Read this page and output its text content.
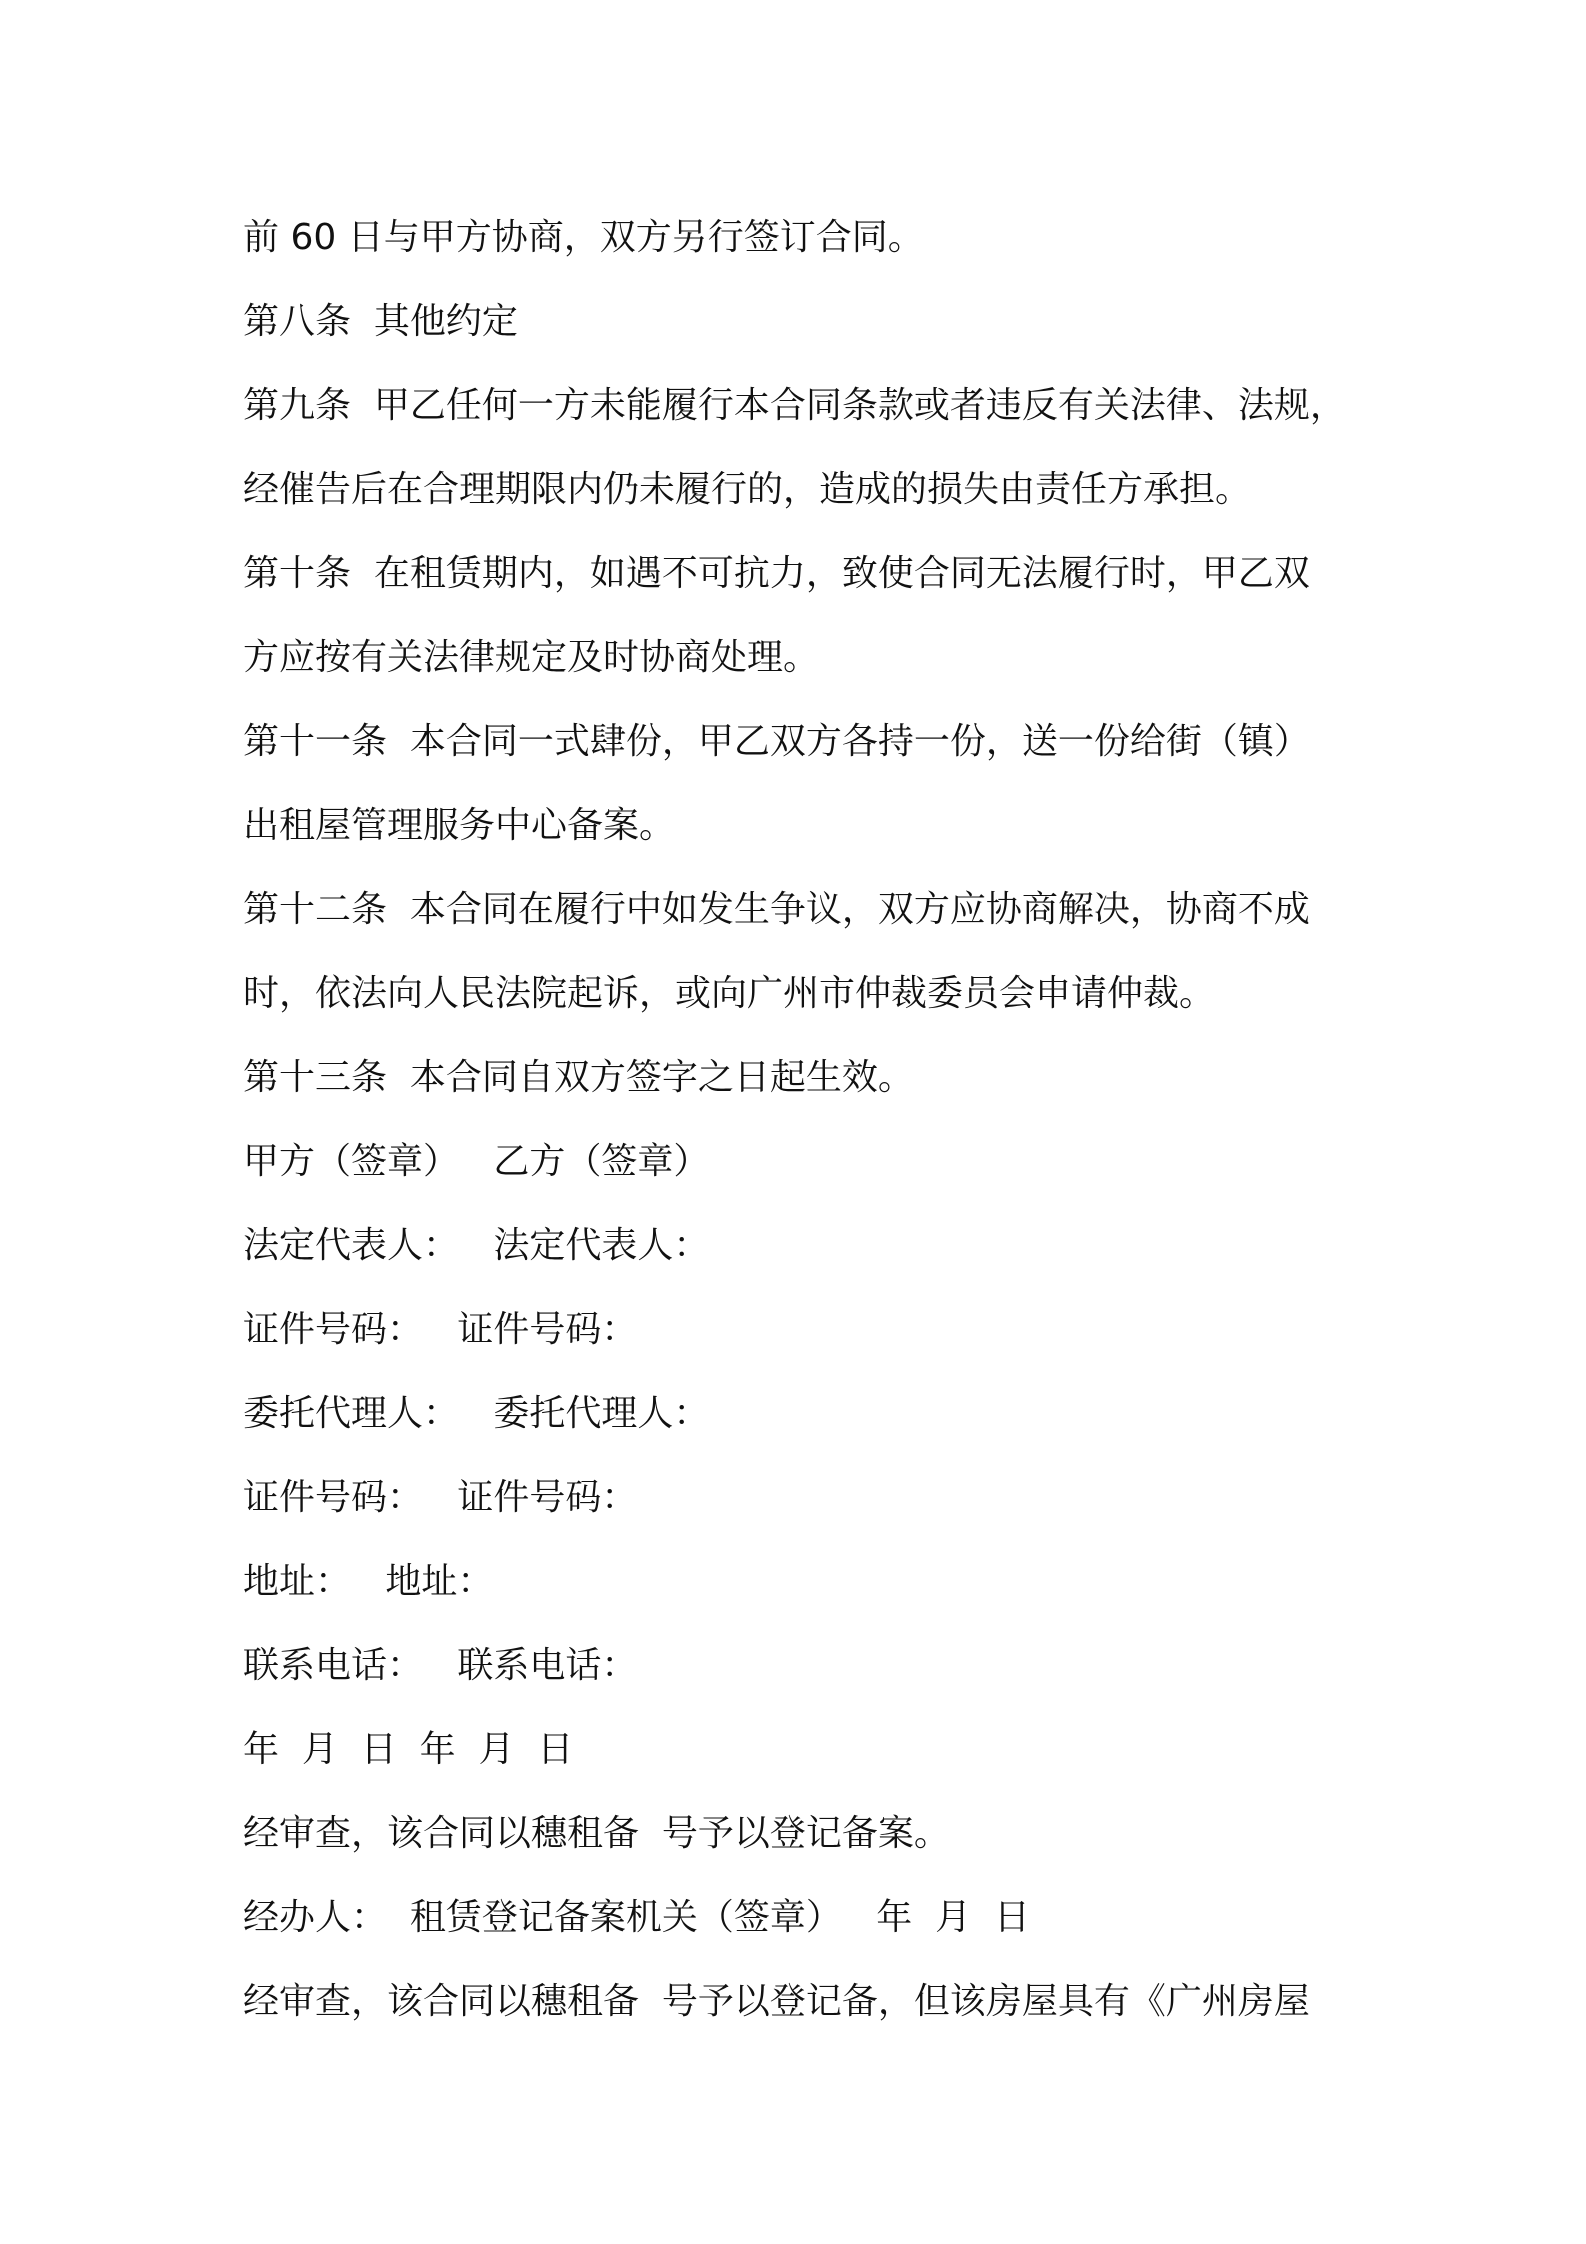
前 60 日与甲方协商，双方另行签订合同。
第八条  其他约定
第九条  甲乙任何一方未能履行本合同条款或者违反有关法律、法规，
经催告后在合理期限内仍未履行的，造成的损失由责任方承担。
第十条  在租赁期内，如遇不可抗力，致使合同无法履行时，甲乙双
方应按有关法律规定及时协商处理。
第十一条  本合同一式肆份，甲乙双方各持一份，送一份给街（镇）
出租屋管理服务中心备案。
第十二条  本合同在履行中如发生争议，双方应协商解决，协商不成
时，依法向人民法院起诉，或向广州市仲裁委员会申请仲裁。
第十三条  本合同自双方签字之日起生效。
甲方（签章）   乙方（签章）
法定代表人：   法定代表人：
证件号码：   证件号码：
委托代理人：   委托代理人：
证件号码：   证件号码：
地址：   地址：
联系电话：   联系电话：
年  月  日  年  月  日
经审查，该合同以穗租备  号予以登记备案。
经办人：  租赁登记备案机关（签章）   年  月  日
经审查，该合同以穗租备  号予以登记备，但该房屋具有《广州房屋
